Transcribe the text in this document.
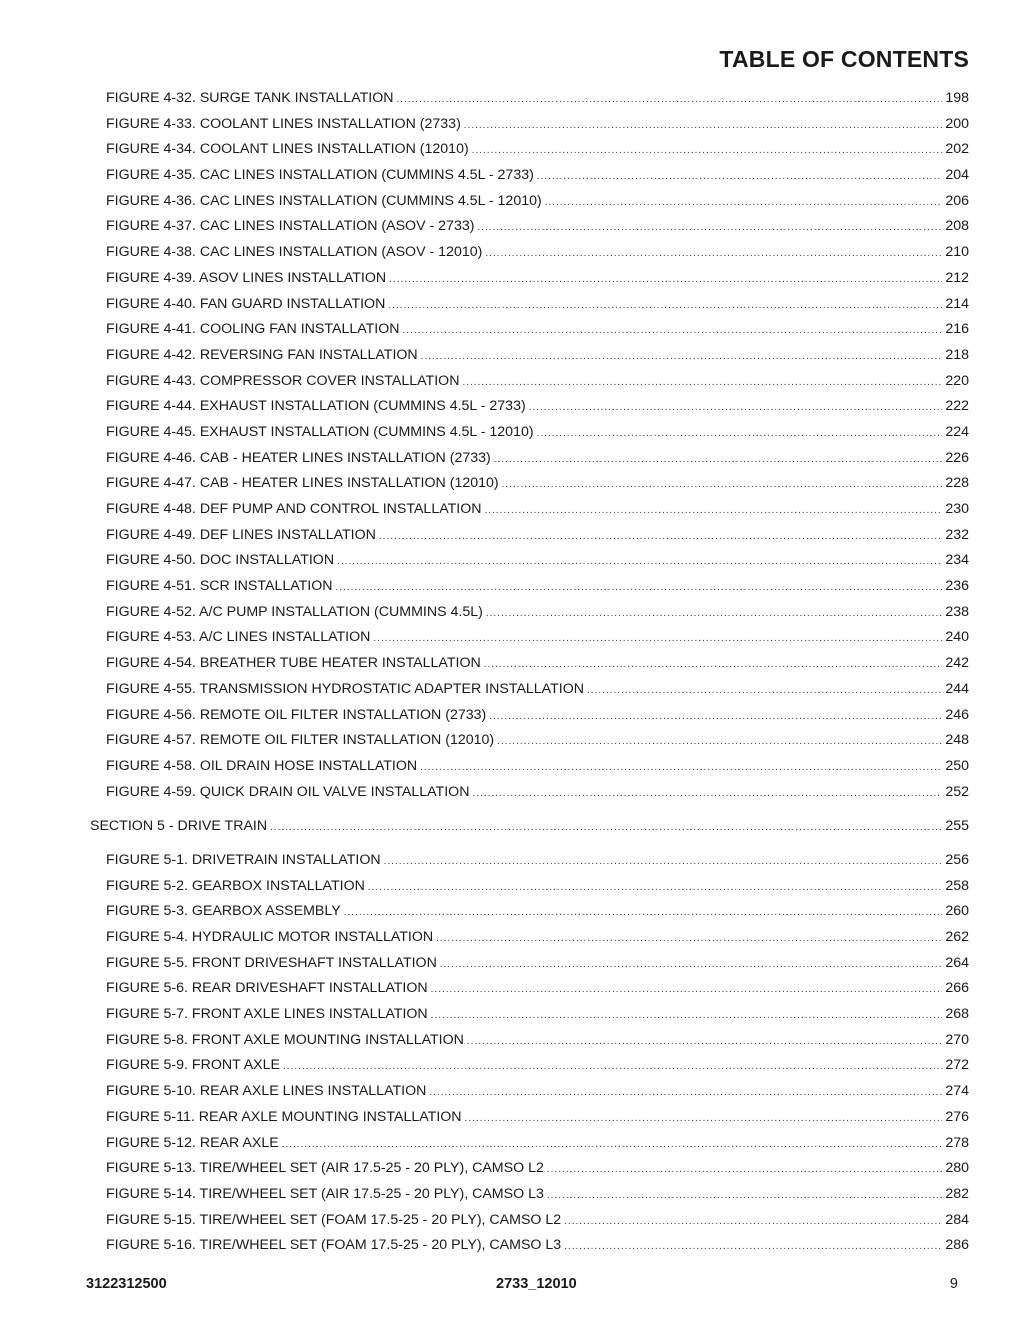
TABLE OF CONTENTS
FIGURE 4-32. SURGE TANK INSTALLATION .....	198
FIGURE 4-33. COOLANT LINES INSTALLATION (2733) .....	200
FIGURE 4-34. COOLANT LINES INSTALLATION (12010) .....	202
FIGURE 4-35. CAC LINES INSTALLATION (CUMMINS 4.5L - 2733) .....	204
FIGURE 4-36. CAC LINES INSTALLATION (CUMMINS 4.5L - 12010) .....	206
FIGURE 4-37. CAC LINES INSTALLATION (ASOV - 2733) .....	208
FIGURE 4-38. CAC LINES INSTALLATION (ASOV - 12010) .....	210
FIGURE 4-39. ASOV LINES INSTALLATION .....	212
FIGURE 4-40. FAN GUARD INSTALLATION .....	214
FIGURE 4-41. COOLING FAN INSTALLATION .....	216
FIGURE 4-42. REVERSING FAN INSTALLATION .....	218
FIGURE 4-43. COMPRESSOR COVER INSTALLATION .....	220
FIGURE 4-44. EXHAUST INSTALLATION (CUMMINS 4.5L - 2733) .....	222
FIGURE 4-45. EXHAUST INSTALLATION (CUMMINS 4.5L - 12010) .....	224
FIGURE 4-46. CAB - HEATER LINES INSTALLATION (2733) .....	226
FIGURE 4-47. CAB - HEATER LINES INSTALLATION (12010) .....	228
FIGURE 4-48. DEF PUMP AND CONTROL INSTALLATION .....	230
FIGURE 4-49. DEF LINES INSTALLATION .....	232
FIGURE 4-50. DOC INSTALLATION .....	234
FIGURE 4-51. SCR INSTALLATION .....	236
FIGURE 4-52. A/C PUMP INSTALLATION (CUMMINS 4.5L) .....	238
FIGURE 4-53. A/C LINES INSTALLATION .....	240
FIGURE 4-54. BREATHER TUBE HEATER INSTALLATION .....	242
FIGURE 4-55. TRANSMISSION HYDROSTATIC ADAPTER INSTALLATION .....	244
FIGURE 4-56. REMOTE OIL FILTER INSTALLATION (2733) .....	246
FIGURE 4-57. REMOTE OIL FILTER INSTALLATION (12010) .....	248
FIGURE 4-58. OIL DRAIN HOSE INSTALLATION .....	250
FIGURE 4-59. QUICK DRAIN OIL VALVE INSTALLATION .....	252
SECTION 5 - DRIVE TRAIN .....	255
FIGURE 5-1. DRIVETRAIN INSTALLATION .....	256
FIGURE 5-2. GEARBOX INSTALLATION .....	258
FIGURE 5-3. GEARBOX ASSEMBLY .....	260
FIGURE 5-4. HYDRAULIC MOTOR INSTALLATION .....	262
FIGURE 5-5. FRONT DRIVESHAFT INSTALLATION .....	264
FIGURE 5-6. REAR DRIVESHAFT INSTALLATION .....	266
FIGURE 5-7. FRONT AXLE LINES INSTALLATION .....	268
FIGURE 5-8. FRONT AXLE MOUNTING INSTALLATION .....	270
FIGURE 5-9. FRONT AXLE .....	272
FIGURE 5-10. REAR AXLE LINES INSTALLATION .....	274
FIGURE 5-11. REAR AXLE MOUNTING INSTALLATION .....	276
FIGURE 5-12. REAR AXLE .....	278
FIGURE 5-13. TIRE/WHEEL SET (AIR 17.5-25 - 20 PLY), CAMSO L2 .....	280
FIGURE 5-14. TIRE/WHEEL SET (AIR 17.5-25 - 20 PLY), CAMSO L3 .....	282
FIGURE 5-15. TIRE/WHEEL SET (FOAM 17.5-25 - 20 PLY), CAMSO L2 .....	284
FIGURE 5-16. TIRE/WHEEL SET (FOAM 17.5-25 - 20 PLY), CAMSO L3 .....	286
3122312500	2733_12010	9
